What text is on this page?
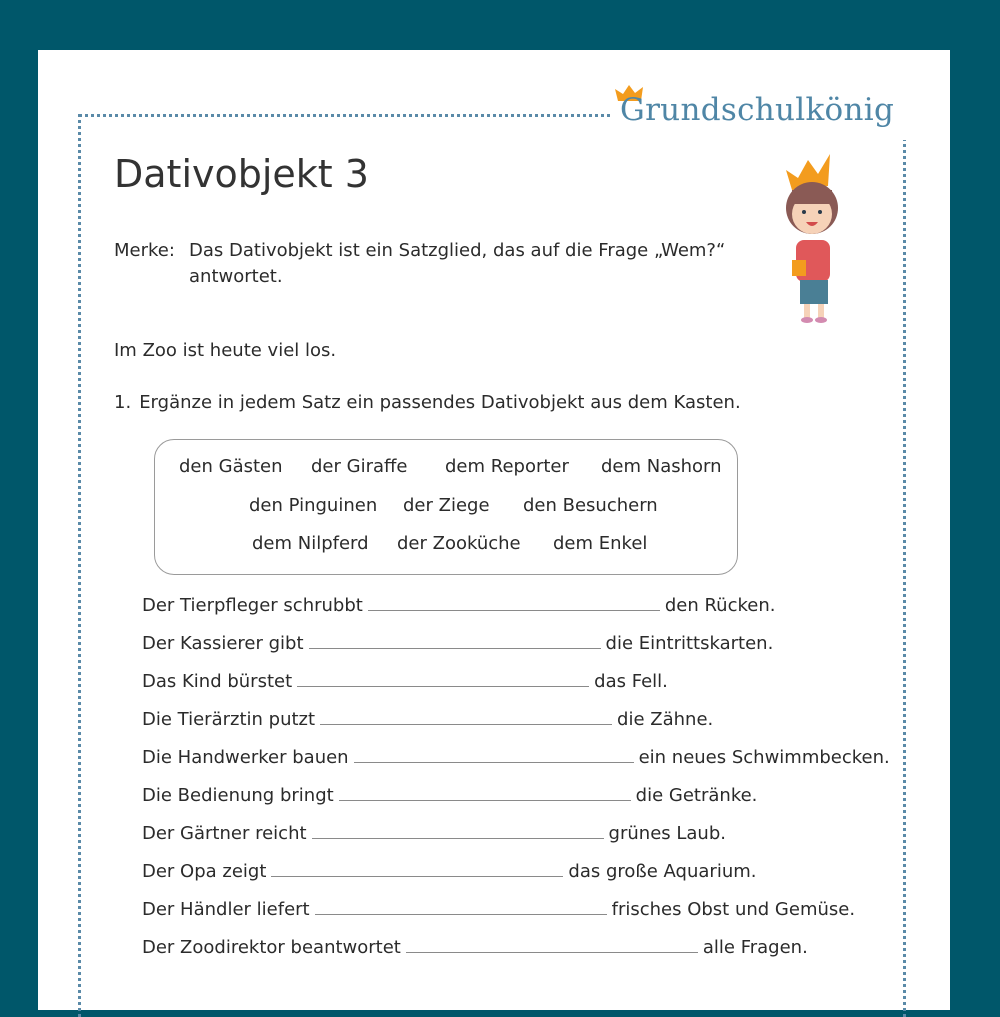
Grundschulkönig
Dativobjekt 3
Merke: Das Dativobjekt ist ein Satzglied, das auf die Frage „Wem?“ antwortet.
Im Zoo ist heute viel los.
1. Ergänze in jedem Satz ein passendes Dativobjekt aus dem Kasten.
den Gästen der Giraffe dem Reporter dem Nashorn
den Pinguinen der Ziege den Besuchern
dem Nilpferd der Zooküche dem Enkel
Der Tierpfleger schrubbt	den Rücken.
Der Kassierer gibt	die Eintrittskarten.
Das Kind bürstet	das Fell.
Die Tierärztin putzt	die Zähne.
Die Handwerker bauen	ein neues Schwimmbecken.
Die Bedienung bringt	die Getränke.
Der Gärtner reicht	grünes Laub.
Der Opa zeigt	das große Aquarium.
Der Händler liefert	frisches Obst und Gemüse.
Der Zoodirektor beantwortet	alle Fragen.
